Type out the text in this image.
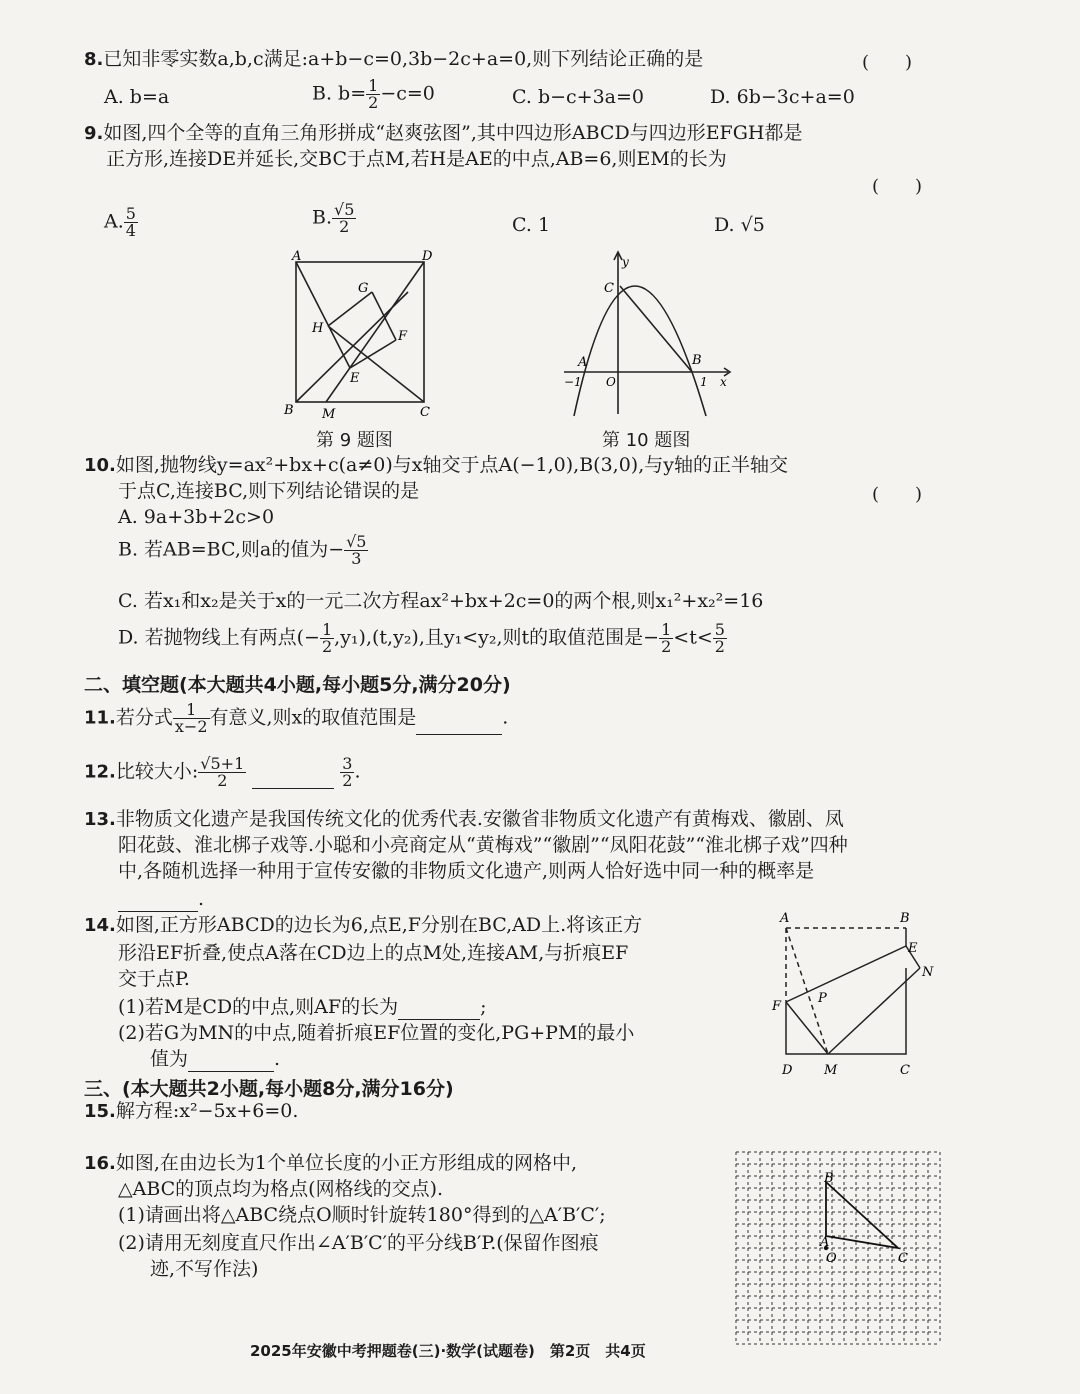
8.已知非零实数a,b,c满足:a+b−c=0,3b−2c+a=0,则下列结论正确的是	(　　)
A. b=a	B. $b= \frac{1}{2} -c=0$	C. b−c+3a=0	D. 6b−3c+a=0
9.如图,四个全等的直角三角形拼成“赵爽弦图”,其中四边形ABCD与四边形EFGH都是
正方形,连接DE并延长,交BC于点M,若H是AE的中点,AB=6,则EM的长为
(　　)
A. $\frac{5}{4}$	B. $\frac{√5}{2}$	C. 1	D. √5
A	D
B	C
G
H
F
E
M
第 9 题图
y
x
C
A	B
−1 O	1
第 10 题图
10.如图,抛物线y=ax²+bx+c(a≠0)与x轴交于点A(−1,0),B(3,0),与y轴的正半轴交
于点C,连接BC,则下列结论错误的是	(　　)
A. 9a+3b+2c>0
B. 若AB=BC,则a的值为− $\frac{√5}{3}$
C. 若x₁和x₂是关于x的一元二次方程ax²+bx+2c=0的两个根,则x₁²+x₂²=16
D. 若抛物线上有两点(− $\frac{1}{2} ,y_1),(t,y_2)$,且y₁<y₂,则t的取值范围是− $\frac{1}{2} <t< \frac{5}{2}$
二、填空题(本大题共4小题,每小题5分,满分20分)
11.若分式 $\frac{1}{x-2}$ 有意义,则x的取值范围是	.
12.比较大小: $\frac{√5+1}{2}$	$\frac{3}{2}$ .
13.非物质文化遗产是我国传统文化的优秀代表.安徽省非物质文化遗产有黄梅戏、徽剧、凤
阳花鼓、淮北梆子戏等.小聪和小亮商定从“黄梅戏”“徽剧”“凤阳花鼓”“淮北梆子戏”四种
中,各随机选择一种用于宣传安徽的非物质文化遗产,则两人恰好选中同一种的概率是
.
14.如图,正方形ABCD的边长为6,点E,F分别在BC,AD上.将该正方
形沿EF折叠,使点A落在CD边上的点M处,连接AM,与折痕EF
交于点P.
(1)若M是CD的中点,则AF的长为	;
(2)若G为MN的中点,随着折痕EF位置的变化,PG+PM的最小
值为	.
A	B
E
N
F
P
D M	C
三、(本大题共2小题,每小题8分,满分16分)
15.解方程:x²−5x+6=0.
16.如图,在由边长为1个单位长度的小正方形组成的网格中,
△ABC的顶点均为格点(网格线的交点).
(1)请画出将△ABC绕点O顺时针旋转180°得到的△A′B′C′;
(2)请用无刻度直尺作出∠A′B′C′的平分线B′P.(保留作图痕
迹,不写作法)
B
A
O	C
2025年安徽中考押题卷(三)·数学(试题卷)　第2页　共4页
